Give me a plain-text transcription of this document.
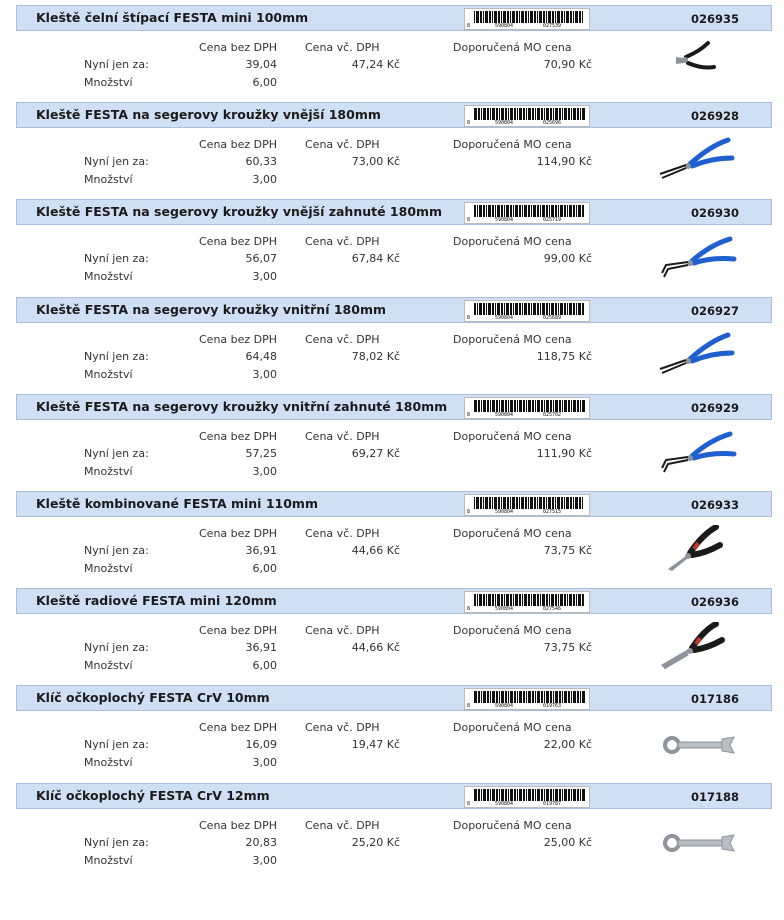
Kleště čelní štípací FESTA mini 100mm
8	590804	027539	026935
Cena bez DPH	Cena vč. DPH	Doporučená MO cena
Nyní jen za:	39,04	47,24 Kč	70,90 Kč
Množství	6,00
Kleště FESTA na segerovy kroužky vnější 180mm
8	590804	025696	026928
Cena bez DPH	Cena vč. DPH	Doporučená MO cena
Nyní jen za:	60,33	73,00 Kč	114,90 Kč
Množství	3,00
Kleště FESTA na segerovy kroužky vnější zahnuté 180mm
8	590804	025719	026930
Cena bez DPH	Cena vč. DPH	Doporučená MO cena
Nyní jen za:	56,07	67,84 Kč	99,00 Kč
Množství	3,00
Kleště FESTA na segerovy kroužky vnitřní 180mm
8	590804	025689	026927
Cena bez DPH	Cena vč. DPH	Doporučená MO cena
Nyní jen za:	64,48	78,02 Kč	118,75 Kč
Množství	3,00
Kleště FESTA na segerovy kroužky vnitřní zahnuté 180mm
8	590804	025702	026929
Cena bez DPH	Cena vč. DPH	Doporučená MO cena
Nyní jen za:	57,25	69,27 Kč	111,90 Kč
Množství	3,00
Kleště kombinované FESTA mini 110mm
8	590804	027515	026933
Cena bez DPH	Cena vč. DPH	Doporučená MO cena
Nyní jen za:	36,91	44,66 Kč	73,75 Kč
Množství	6,00
Kleště radiové FESTA mini 120mm
8	590804	027546	026936
Cena bez DPH	Cena vč. DPH	Doporučená MO cena
Nyní jen za:	36,91	44,66 Kč	73,75 Kč
Množství	6,00
Klíč očkoplochý FESTA CrV 10mm
8	590804	019763	017186
Cena bez DPH	Cena vč. DPH	Doporučená MO cena
Nyní jen za:	16,09	19,47 Kč	22,00 Kč
Množství	3,00
Klíč očkoplochý FESTA CrV 12mm
8	590804	019787	017188
Cena bez DPH	Cena vč. DPH	Doporučená MO cena
Nyní jen za:	20,83	25,20 Kč	25,00 Kč
Množství	3,00
